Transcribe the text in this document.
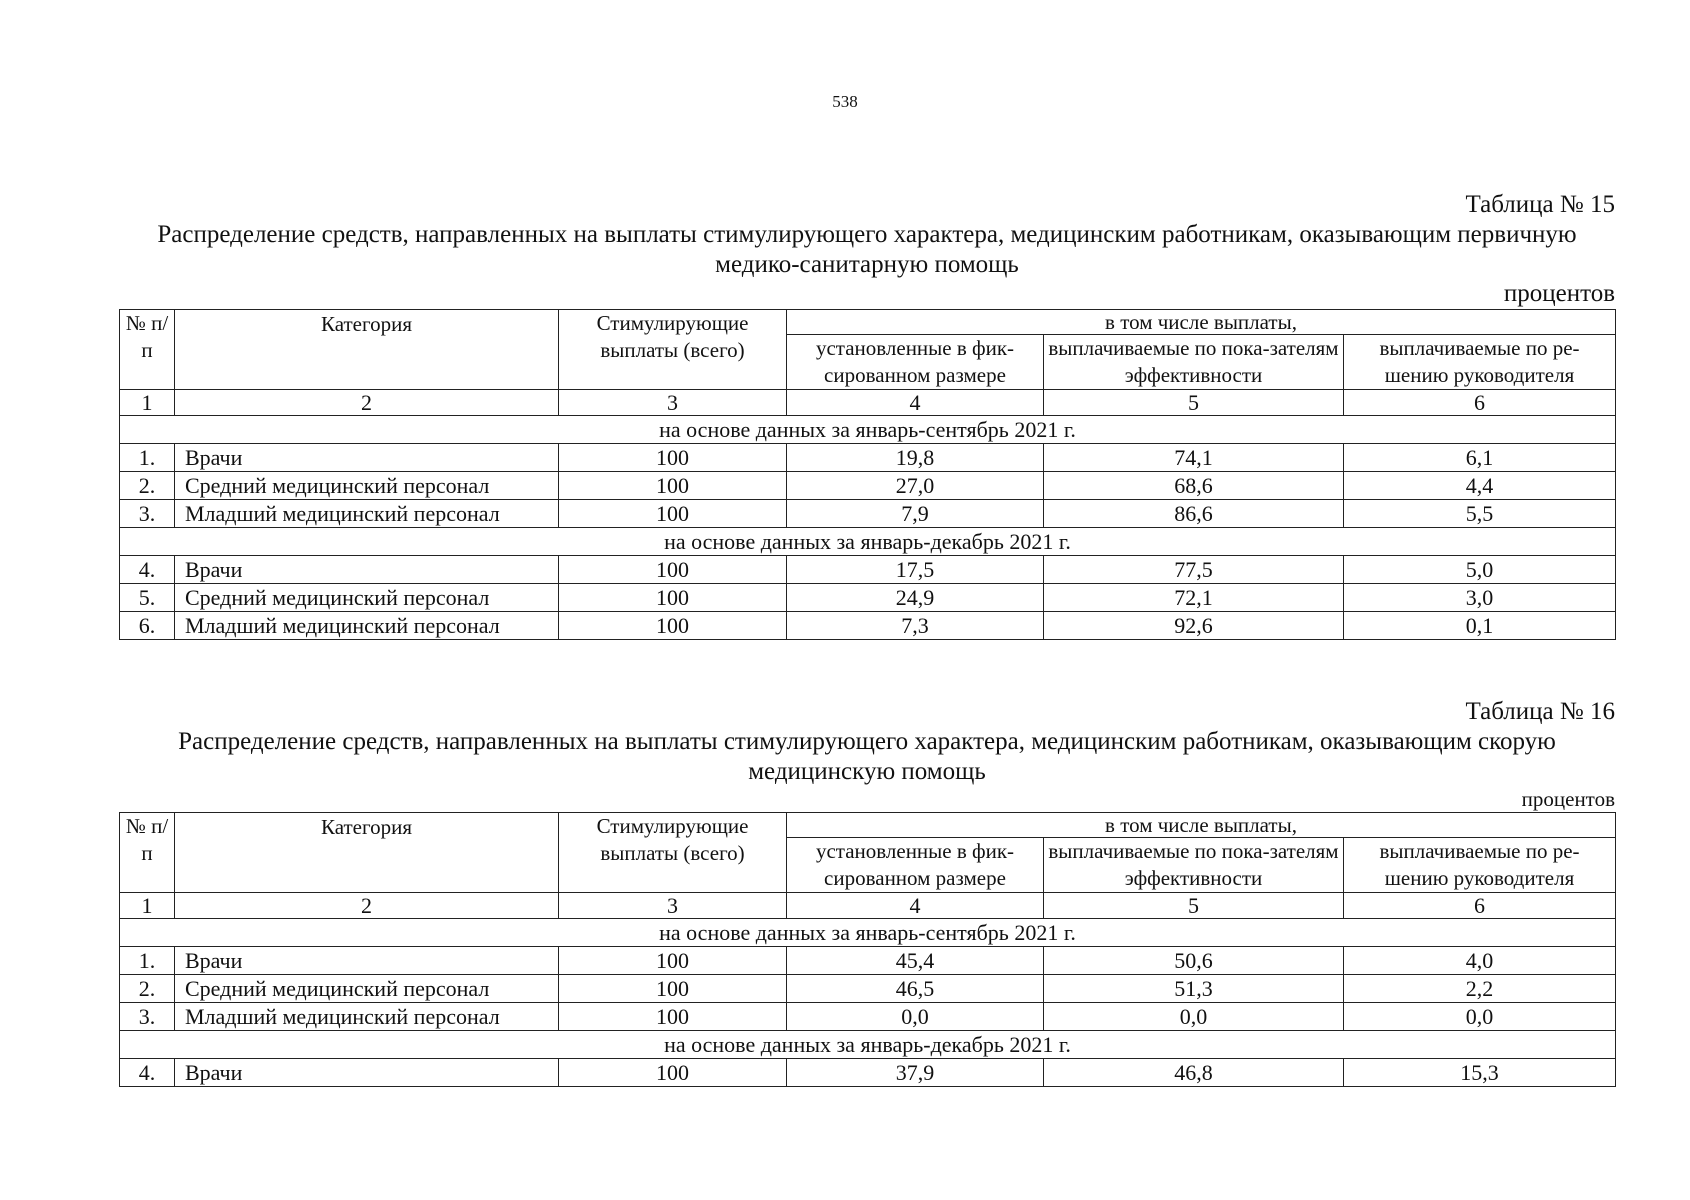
538
Таблица № 15
Распределение средств, направленных на выплаты стимулирующего характера, медицинским работникам, оказывающим первичную медико-санитарную помощь
процентов
№ п/п	Категория	Стимулирующие выплаты (всего)	в том числе выплаты,		
			установленные в фик-сированном размере	выплачиваемые по пока-зателям эффективности	выплачиваемые по ре-шению руководителя
1	2	3	4	5	6
на основе данных за январь-сентябрь 2021 г.					
1.	Врачи	100	19,8	74,1	6,1
2.	Средний медицинский персонал	100	27,0	68,6	4,4
3.	Младший медицинский персонал	100	7,9	86,6	5,5
на основе данных за январь-декабрь 2021 г.					
4.	Врачи	100	17,5	77,5	5,0
5.	Средний медицинский персонал	100	24,9	72,1	3,0
6.	Младший медицинский персонал	100	7,3	92,6	0,1
Таблица № 16
Распределение средств, направленных на выплаты стимулирующего характера, медицинским работникам, оказывающим скорую медицинскую помощь
процентов
№ п/п	Категория	Стимулирующие выплаты (всего)	в том числе выплаты,		
			установленные в фик-сированном размере	выплачиваемые по пока-зателям эффективности	выплачиваемые по ре-шению руководителя
1	2	3	4	5	6
на основе данных за январь-сентябрь 2021 г.					
1.	Врачи	100	45,4	50,6	4,0
2.	Средний медицинский персонал	100	46,5	51,3	2,2
3.	Младший медицинский персонал	100	0,0	0,0	0,0
на основе данных за январь-декабрь 2021 г.					
4.	Врачи	100	37,9	46,8	15,3
